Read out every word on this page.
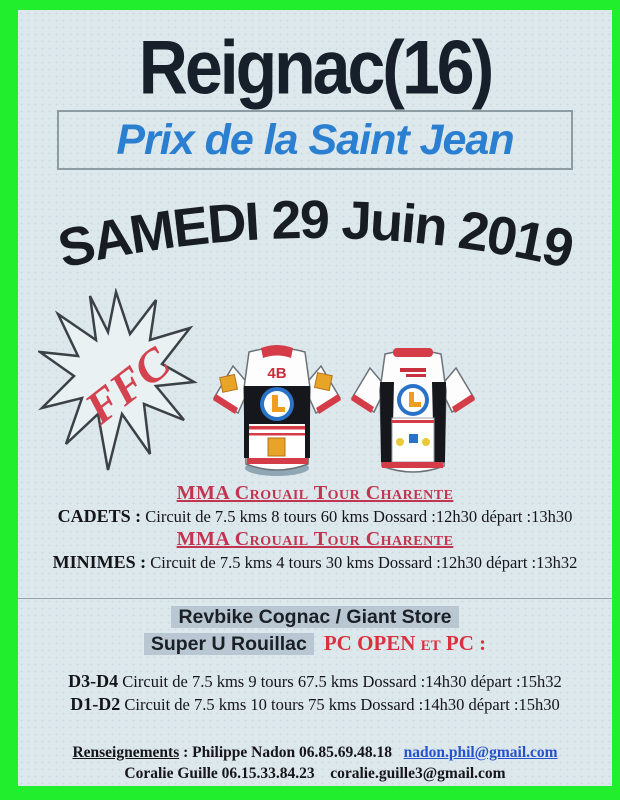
Reignac(16)
Prix de la Saint Jean
SAMEDI 29 Juin 2019
FFC	4B
MMA Crouail Tour Charente
CADETS : Circuit de 7.5 kms 8 tours 60 kms Dossard :12h30 départ :13h30
MMA Crouail Tour Charente
MINIMES : Circuit de 7.5 kms 4 tours 30 kms Dossard :12h30 départ :13h32
Revbike Cognac / Giant Store
Super U Rouillac PC OPEN et PC :
D3-D4 Circuit de 7.5 kms 9 tours 67.5 kms Dossard :14h30 départ :15h32
D1-D2 Circuit de 7.5 kms 10 tours 75 kms Dossard :14h30 départ :15h30
Renseignements : Philippe Nadon 06.85.69.48.18 nadon.phil@gmail.com
Coralie Guille 06.15.33.84.23 coralie.guille3@gmail.com
